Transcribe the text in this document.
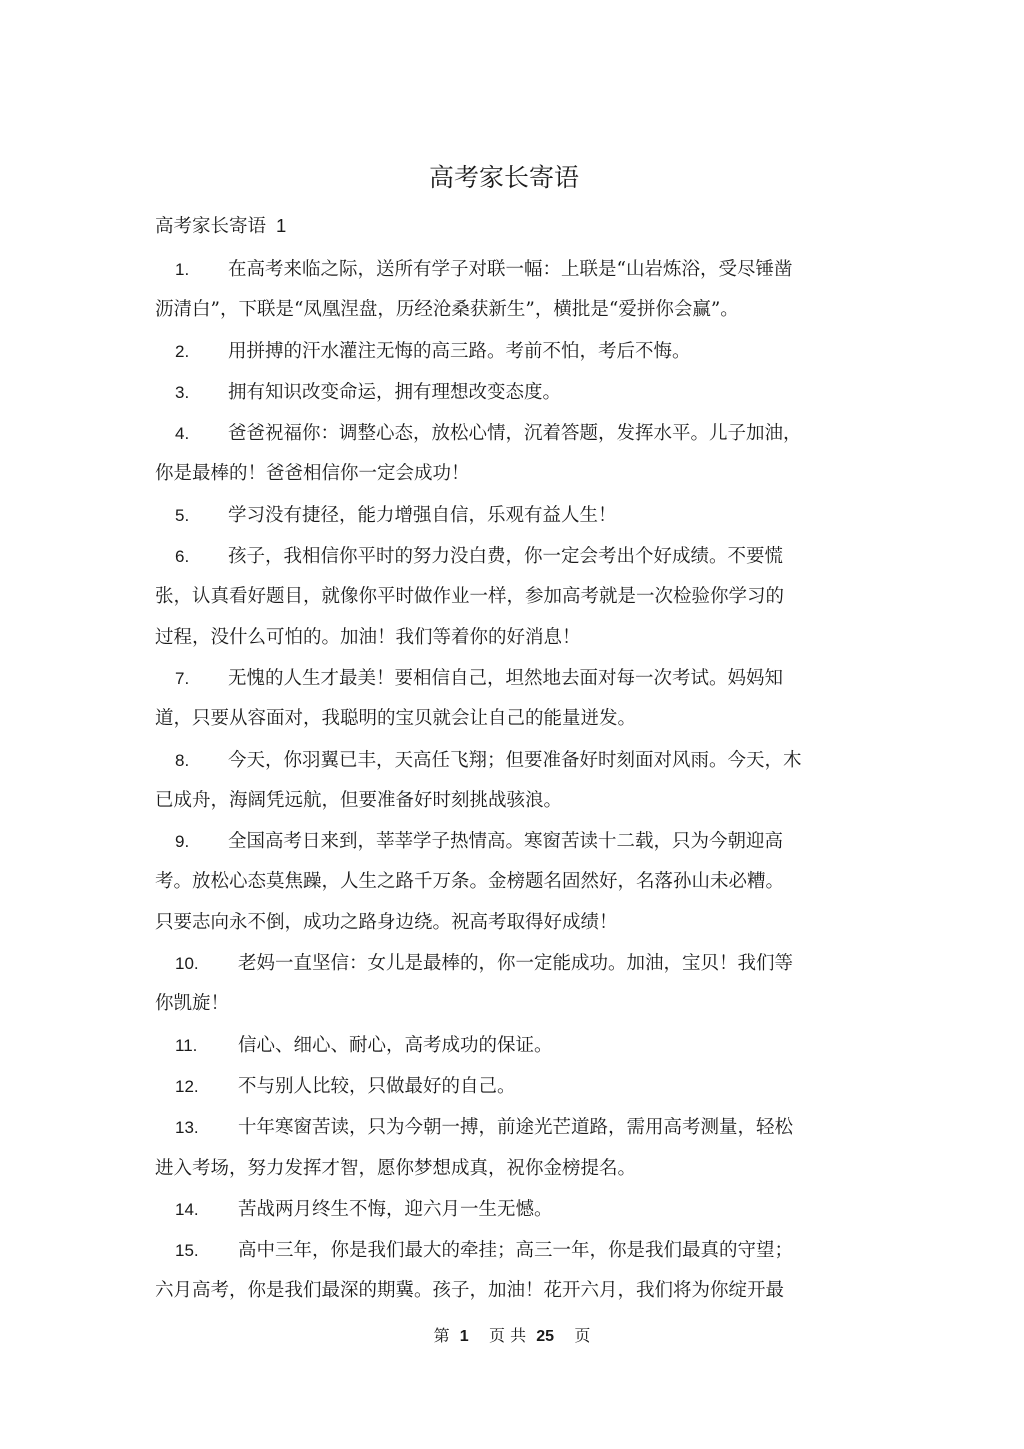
高考家长寄语
高考家长寄语 1
1. 在高考来临之际，送所有学子对联一幅：上联是“山岩炼浴，受尽锤凿
沥清白”，下联是“凤凰涅盘，历经沧桑获新生”，横批是“爱拼你会赢”。
2. 用拼搏的汗水灌注无悔的高三路。考前不怕，考后不悔。
3. 拥有知识改变命运，拥有理想改变态度。
4. 爸爸祝福你：调整心态，放松心情，沉着答题，发挥水平。儿子加油，
你是最棒的！爸爸相信你一定会成功！
5. 学习没有捷径，能力增强自信，乐观有益人生！
6. 孩子，我相信你平时的努力没白费，你一定会考出个好成绩。不要慌
张，认真看好题目，就像你平时做作业一样，参加高考就是一次检验你学习的
过程，没什么可怕的。加油！我们等着你的好消息！
7. 无愧的人生才最美！要相信自己，坦然地去面对每一次考试。妈妈知
道，只要从容面对，我聪明的宝贝就会让自己的能量迸发。
8. 今天，你羽翼已丰，天高任飞翔；但要准备好时刻面对风雨。今天，木
已成舟，海阔凭远航，但要准备好时刻挑战骇浪。
9. 全国高考日来到，莘莘学子热情高。寒窗苦读十二载，只为今朝迎高
考。放松心态莫焦躁，人生之路千万条。金榜题名固然好，名落孙山未必糟。
只要志向永不倒，成功之路身边绕。祝高考取得好成绩！
10. 老妈一直坚信：女儿是最棒的，你一定能成功。加油，宝贝！我们等
你凯旋！
11. 信心、细心、耐心，高考成功的保证。
12. 不与别人比较，只做最好的自己。
13. 十年寒窗苦读，只为今朝一搏，前途光芒道路，需用高考测量，轻松
进入考场，努力发挥才智，愿你梦想成真，祝你金榜提名。
14. 苦战两月终生不悔，迎六月一生无憾。
15. 高中三年，你是我们最大的牵挂；高三一年，你是我们最真的守望；
六月高考，你是我们最深的期冀。孩子，加油！花开六月，我们将为你绽开最
第 1 页 共 25 页
